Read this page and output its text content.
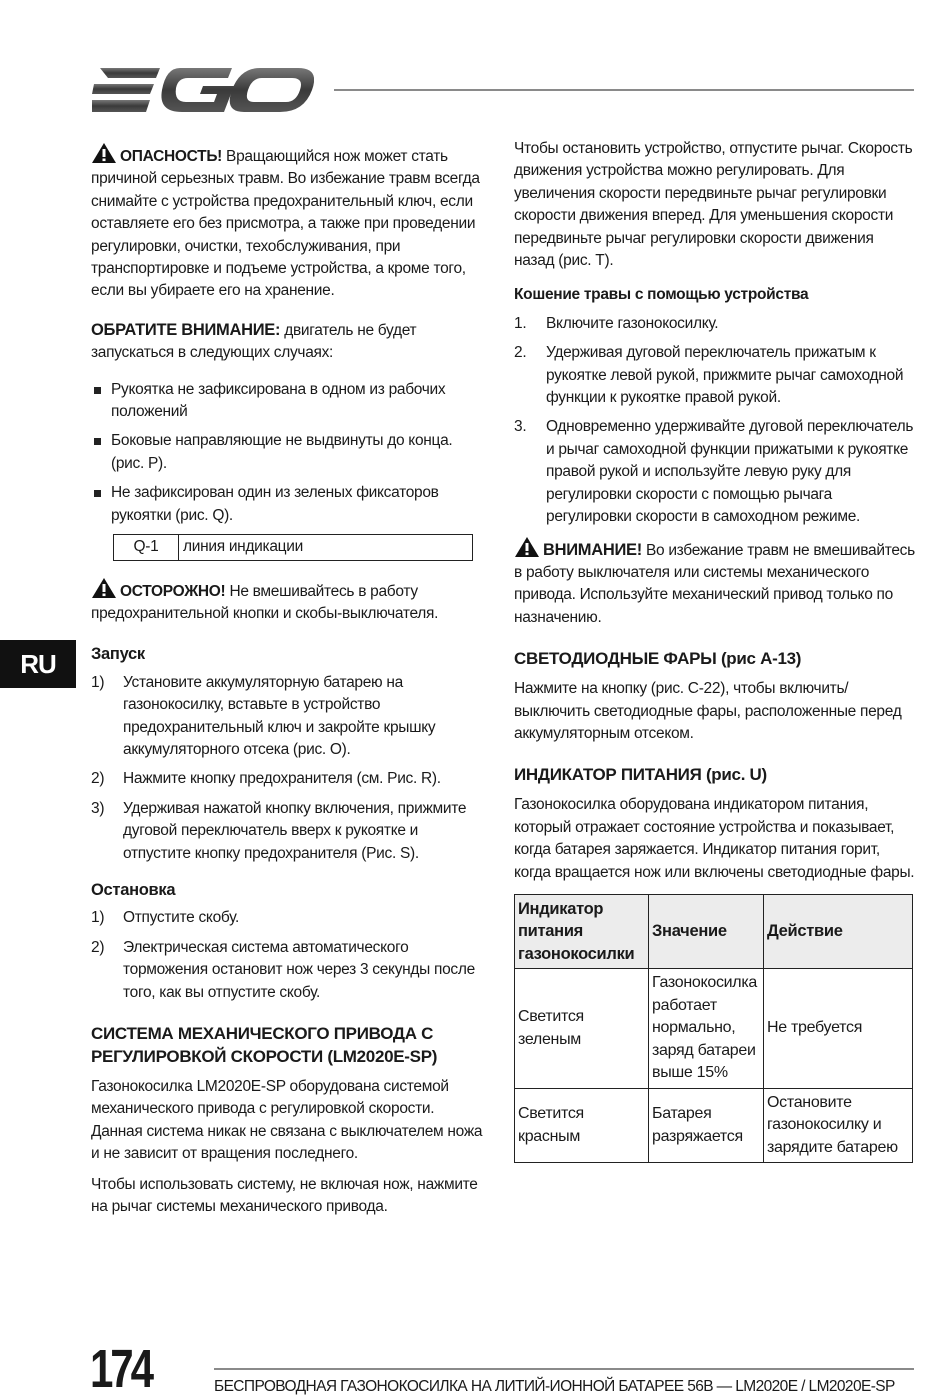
RU

ОПАСНОСТЬ! Вращающийся нож может стать причиной серьезных травм. Во избежание травм всегда снимайте с устройства предохранительный ключ, если оставляете его без присмотра, а также при проведении регулировки, очистки, техобслуживания, при транспортировке и подъеме устройства, а кроме того, если вы убираете его на хранение.

ОБРАТИТЕ ВНИМАНИЕ: двигатель не будет запускаться в следующих случаях:

Рукоятка не зафиксирована в одном из рабочих положений
Боковые направляющие не выдвинуты до конца. (рис. P).
Не зафиксирован один из зеленых фиксаторов рукоятки (рис. Q).
Q-1	линия индикации

ОСТОРОЖНО! Не вмешивайтесь в работу предохранительной кнопки и скобы-выключателя.

Запуск
1) Установите аккумуляторную батарею на газонокосилку, вставьте в устройство предохранительный ключ и закройте крышку аккумуляторного отсека (рис. O).
2) Нажмите кнопку предохранителя (см. Рис. R).
3) Удерживая нажатой кнопку включения, прижмите дуговой переключатель вверх к рукоятке и отпустите кнопку предохранителя (Рис. S).
Остановка
1) Отпустите скобу.
2) Электрическая система автоматического торможения остановит нож через 3 секунды после того, как вы отпустите скобу.
СИСТЕМА МЕХАНИЧЕСКОГО ПРИВОДА С РЕГУЛИРОВКОЙ СКОРОСТИ (LM2020E-SP)

Газонокосилка LM2020E-SP оборудована системой механического привода с регулировкой скорости. Данная система никак не связана с выключателем ножа и не зависит от вращения последнего.

Чтобы использовать систему, не включая нож, нажмите на рычаг системы механического привода.

Чтобы остановить устройство, отпустите рычаг. Скорость движения устройства можно регулировать. Для увеличения скорости передвиньте рычаг регулировки скорости движения вперед. Для уменьшения скорости передвиньте рычаг регулировки скорости движения назад (рис. T).

Кошение травы с помощью устройства
1. Включите газонокосилку.
2. Удерживая дуговой переключатель прижатым к рукоятке левой рукой, прижмите рычаг самоходной функции к рукоятке правой рукой.
3. Одновременно удерживайте дуговой переключатель и рычаг самоходной функции прижатыми к рукоятке правой рукой и используйте левую руку для регулировки скорости с помощью рычага регулировки скорости в самоходном режиме.

ВНИМАНИЕ! Во избежание травм не вмешивайтесь в работу выключателя или системы механического привода. Используйте механический привод только по назначению.

СВЕТОДИОДНЫЕ ФАРЫ (рис A-13)

Нажмите на кнопку (рис. С-22), чтобы включить/ выключить светодиодные фары, расположенные перед аккумуляторным отсеком.

ИНДИКАТОР ПИТАНИЯ (рис. U)

Газонокосилка оборудована индикатором питания, который отражает состояние устройства и показывает, когда батарея заряжается. Индикатор питания горит, когда вращается нож или включены светодиодные фары.

Индикатор питания газонокосилки	Значение	Действие
Светится зеленым	Газонокосилка работает нормально, заряд батареи выше 15%	Не требуется
Светится красным	Батарея разряжается	Остановите газонокосилку и зарядите батарею
174	БЕСПРОВОДНАЯ ГАЗОНОКОСИЛКА НА ЛИТИЙ-ИОННОЙ БАТАРЕЕ 56В — LM2020E / LM2020E-SP
